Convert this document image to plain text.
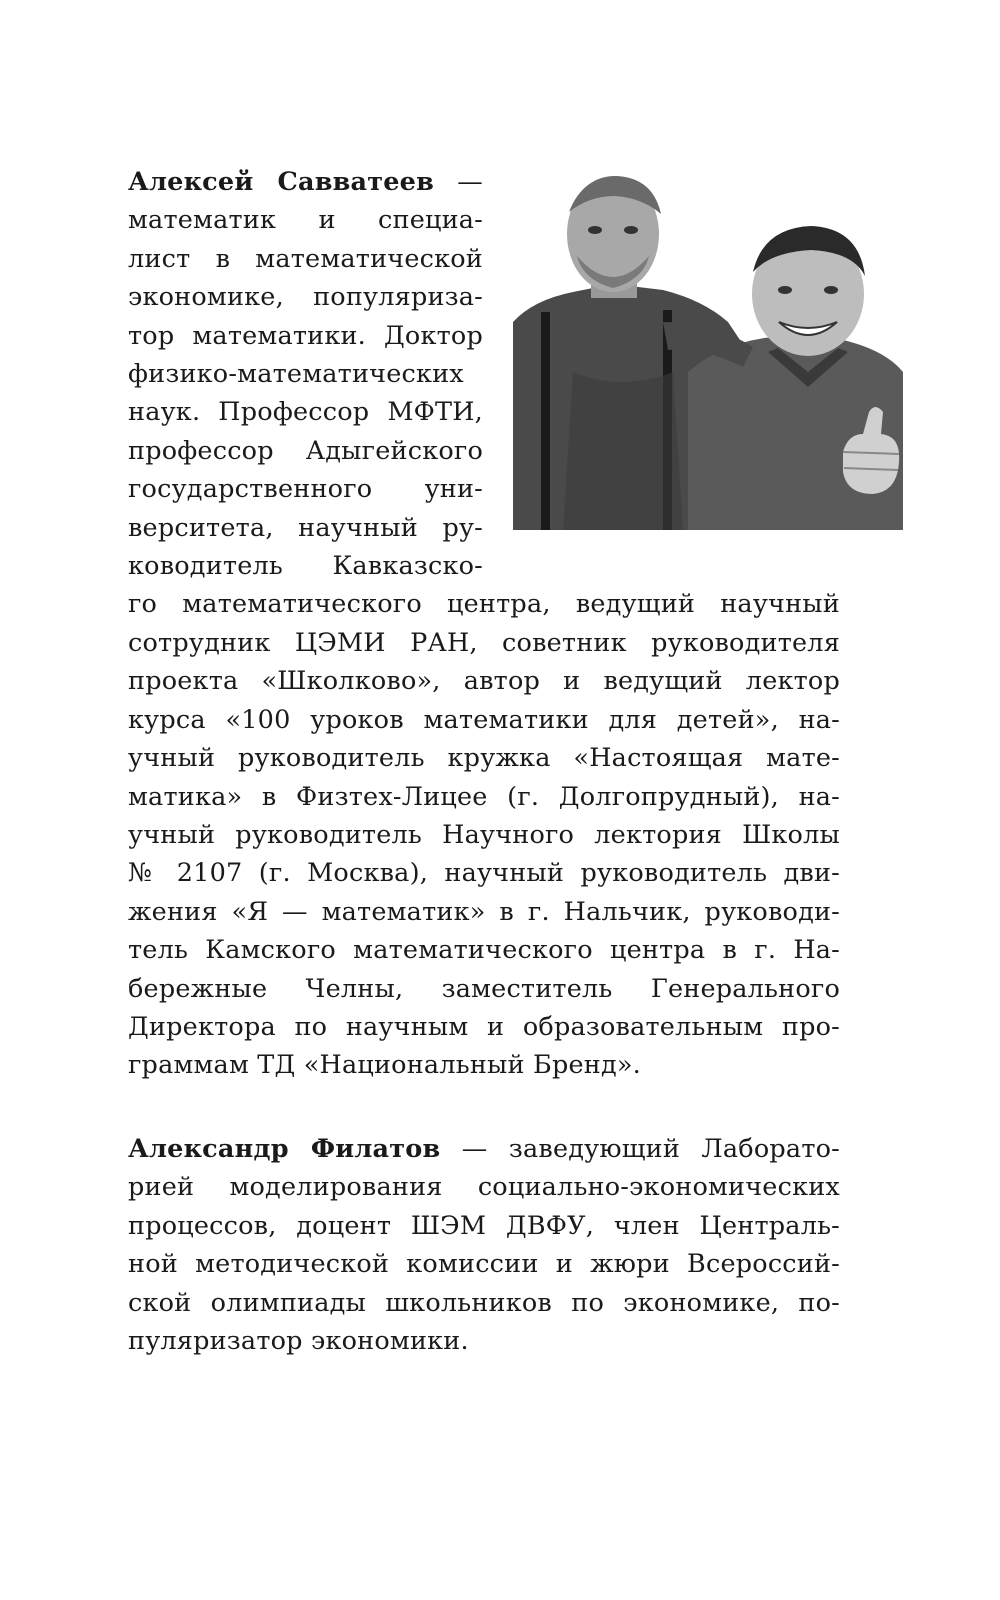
Алексей Савватеев —
математик и специа-
лист в математической
экономике, популяриза-
тор математики. Доктор
физико-математических
наук. Профессор МФТИ,
профессор Адыгейского
государственного уни-
верситета, научный ру-
ководитель Кавказско-
го математического центра, ведущий научный
сотрудник ЦЭМИ РАН, советник руководителя
проекта «Школково», автор и ведущий лектор
курса «100 уроков математики для детей», на-
учный руководитель кружка «Настоящая мате-
матика» в Физтех-Лицее (г. Долгопрудный), на-
учный руководитель Научного лектория Школы
№ 2107 (г. Москва), научный руководитель дви-
жения «Я — математик» в г. Нальчик, руководи-
тель Камского математического центра в г. На-
бережные Челны, заместитель Генерального
Директора по научным и образовательным про-
граммам ТД «Национальный Бренд».

Александр Филатов — заведующий Лаборато-
рией моделирования социально-экономических
процессов, доцент ШЭМ ДВФУ, член Централь-
ной методической комиссии и жюри Всероссий-
ской олимпиады школьников по экономике, по-
пуляризатор экономики.
